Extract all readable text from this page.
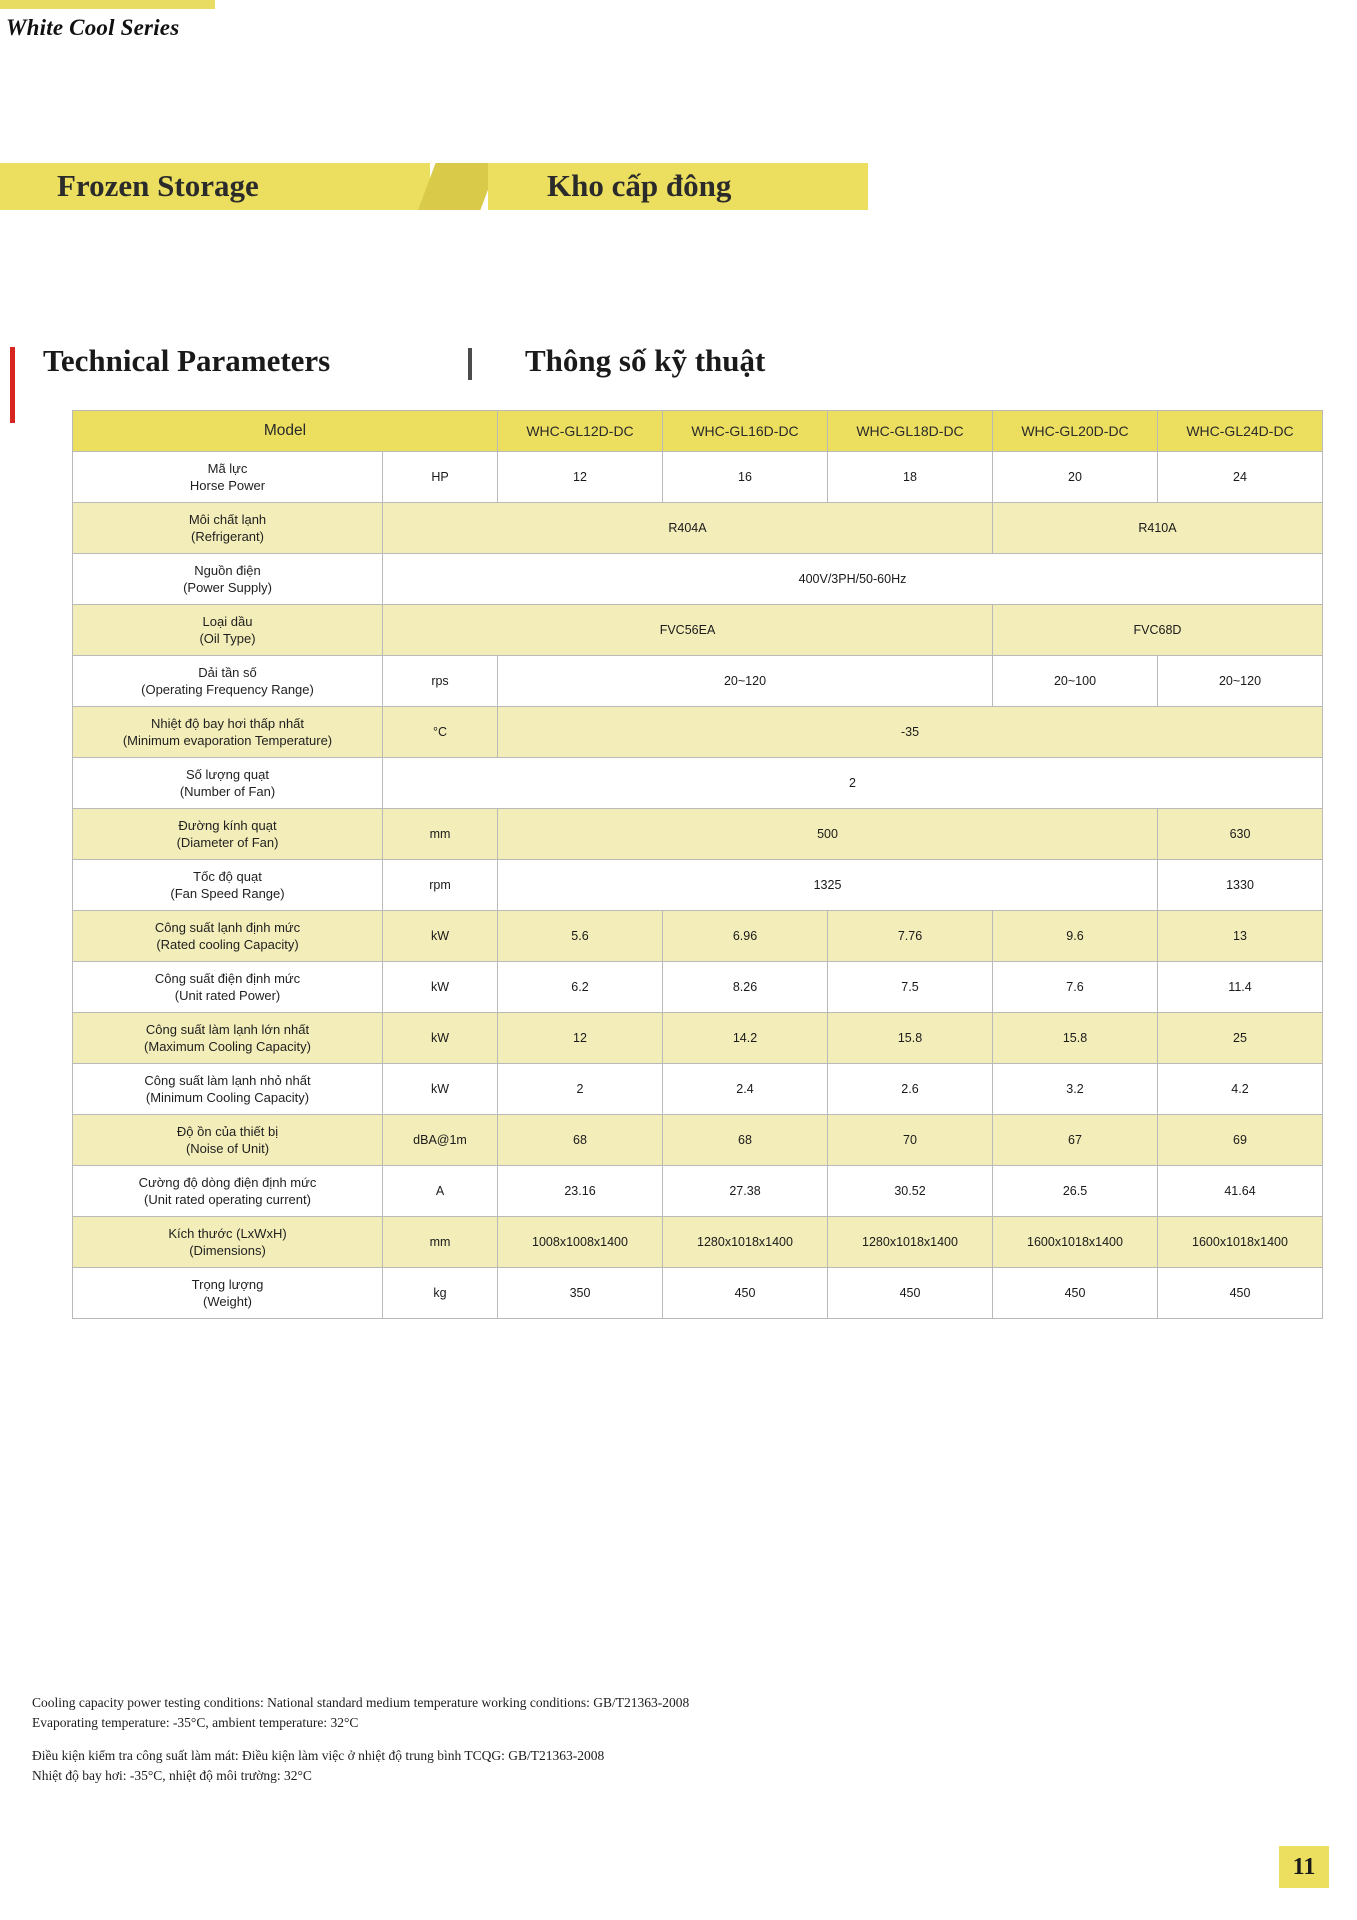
White Cool Series
Frozen Storage	Kho cấp đông
Technical Parameters	Thông số kỹ thuật
Model		WHC-GL12D-DC	WHC-GL16D-DC	WHC-GL18D-DC	WHC-GL20D-DC	WHC-GL24D-DC

Mã lực
Horse Power	HP	12	16	18	20	24

Môi chất lạnh
(Refrigerant)	R404A				R410A	

Nguồn điện
(Power Supply)	400V/3PH/50-60Hz					

Loại dầu
(Oil Type)	FVC56EA				FVC68D	

Dải tần số
(Operating Frequency Range)	rps	20~120			20~100	20~120

Nhiệt độ bay hơi thấp nhất
(Minimum evaporation Temperature)	°C	-35				

Số lượng quạt
(Number of Fan)	2					

Đường kính quạt
(Diameter of Fan)	mm	500				630

Tốc độ quạt
(Fan Speed Range)	rpm	1325				1330

Công suất lạnh định mức
(Rated cooling Capacity)	kW	5.6	6.96	7.76	9.6	13

Công suất điện định mức
(Unit rated Power)	kW	6.2	8.26	7.5	7.6	11.4

Công suất làm lạnh lớn nhất
(Maximum Cooling Capacity)	kW	12	14.2	15.8	15.8	25

Công suất làm lạnh nhỏ nhất
(Minimum Cooling Capacity)	kW	2	2.4	2.6	3.2	4.2

Độ ồn của thiết bị
(Noise of Unit)	dBA@1m	68	68	70	67	69

Cường độ dòng điện định mức
(Unit rated operating current)	A	23.16	27.38	30.52	26.5	41.64

Kích thước (LxWxH)
(Dimensions)	mm	1008x1008x1400	1280x1018x1400	1280x1018x1400	1600x1018x1400	1600x1018x1400

Trọng lượng
(Weight)	kg	350	450	450	450	450
Cooling capacity power testing conditions: National standard medium temperature working conditions: GB/T21363-2008
Evaporating temperature: -35°C, ambient temperature: 32°C
Điều kiện kiểm tra công suất làm mát: Điều kiện làm việc ở nhiệt độ trung bình TCQG: GB/T21363-2008
Nhiệt độ bay hơi: -35°C, nhiệt độ môi trường: 32°C
11
